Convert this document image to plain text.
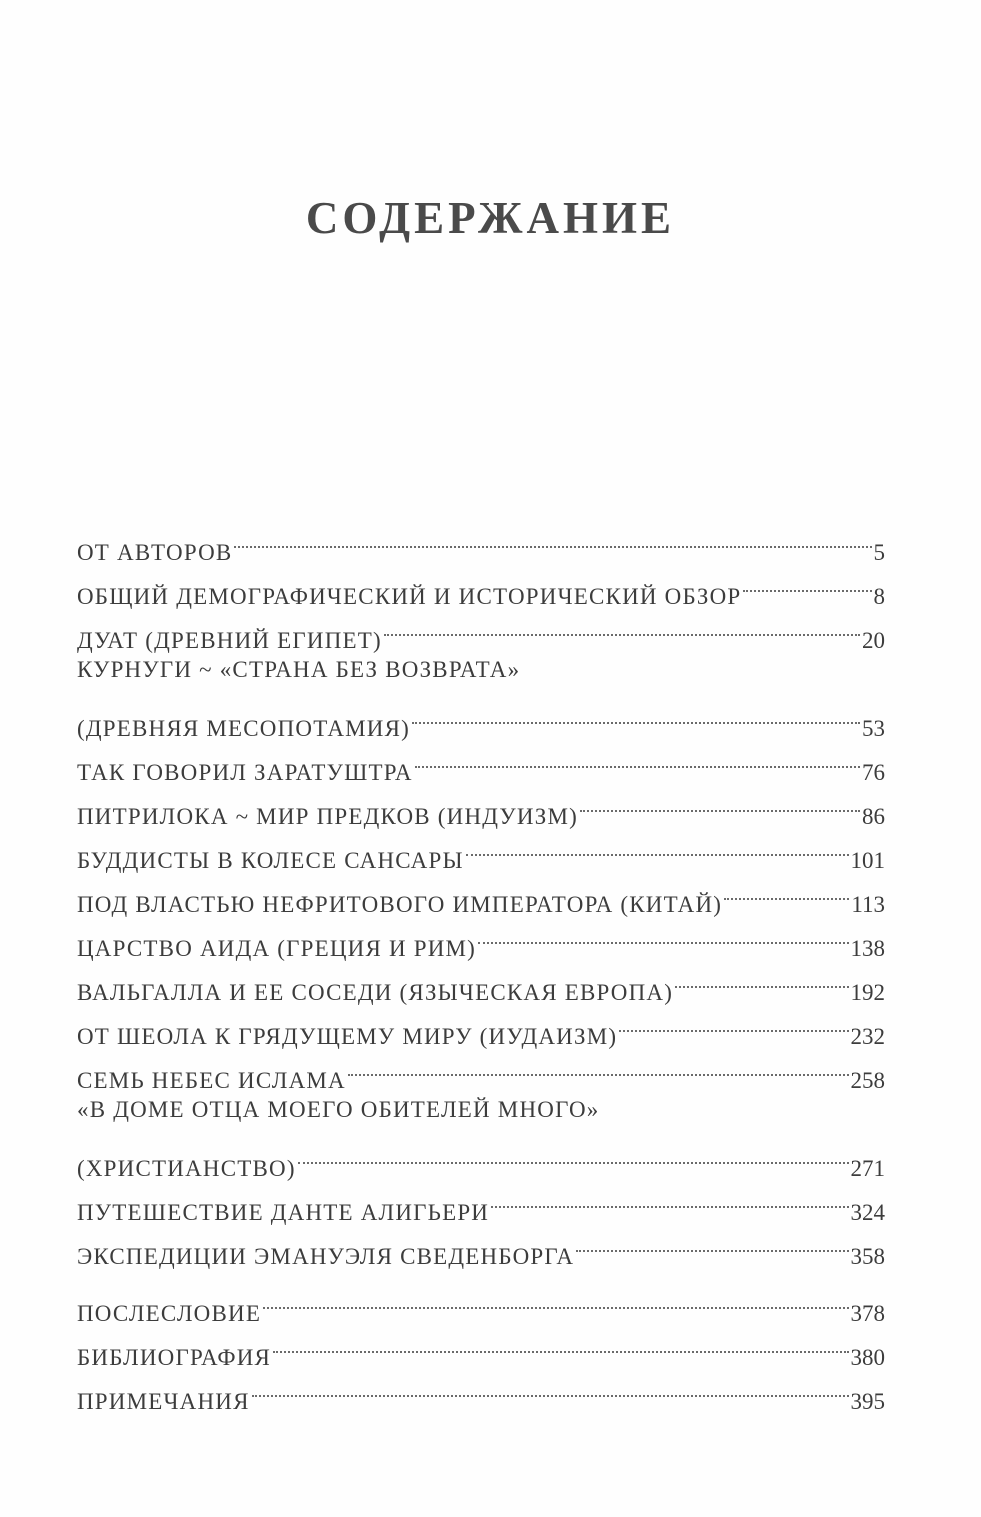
СОДЕРЖАНИЕ
ОТ АВТОРОВ	5
ОБЩИЙ ДЕМОГРАФИЧЕСКИЙ И ИСТОРИЧЕСКИЙ ОБЗОР	8
ДУАТ (ДРЕВНИЙ ЕГИПЕТ)	20
КУРНУГИ ~ «СТРАНА БЕЗ ВОЗВРАТА»
(ДРЕВНЯЯ МЕСОПОТАМИЯ)	53
ТАК ГОВОРИЛ ЗАРАТУШТРА	76
ПИТРИЛОКА ~ МИР ПРЕДКОВ (ИНДУИЗМ)	86
БУДДИСТЫ В КОЛЕСЕ САНСАРЫ	101
ПОД ВЛАСТЬЮ НЕФРИТОВОГО ИМПЕРАТОРА (КИТАЙ)	113
ЦАРСТВО АИДА (ГРЕЦИЯ И РИМ)	138
ВАЛЬГАЛЛА И ЕЕ СОСЕДИ (ЯЗЫЧЕСКАЯ ЕВРОПА)	192
ОТ ШЕОЛА К ГРЯДУЩЕМУ МИРУ (ИУДАИЗМ)	232
СЕМЬ НЕБЕС ИСЛАМА	258
«В ДОМЕ ОТЦА МОЕГО ОБИТЕЛЕЙ МНОГО»
(ХРИСТИАНСТВО)	271
ПУТЕШЕСТВИЕ ДАНТЕ АЛИГЬЕРИ	324
ЭКСПЕДИЦИИ ЭМАНУЭЛЯ СВЕДЕНБОРГА	358
ПОСЛЕСЛОВИЕ	378
БИБЛИОГРАФИЯ	380
ПРИМЕЧАНИЯ	395
